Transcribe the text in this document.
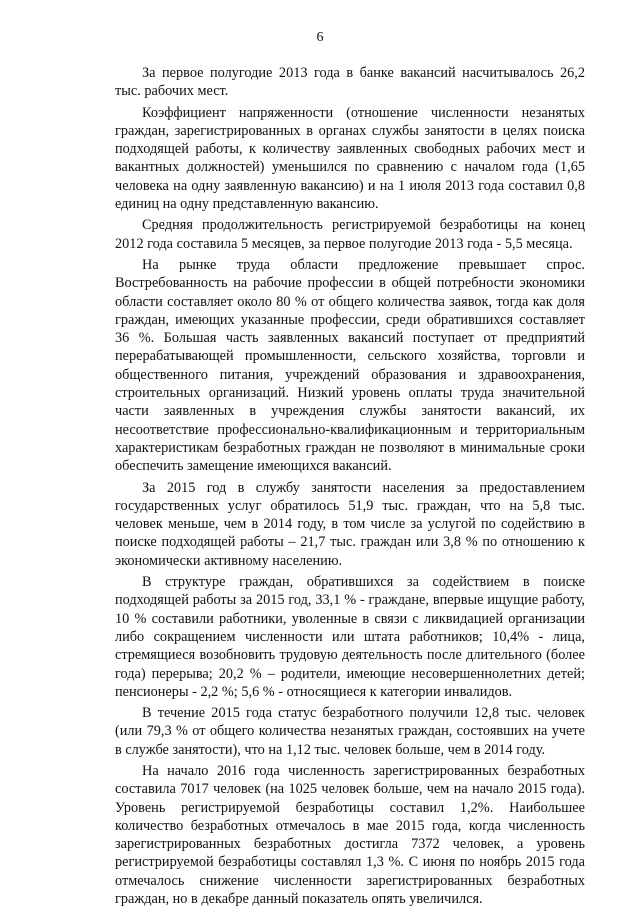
6

За первое полугодие 2013 года в банке вакансий насчитывалось 26,2 тыс. рабочих мест.

Коэффициент напряженности (отношение численности незанятых граждан, зарегистрированных в органах службы занятости в целях поиска подходящей работы, к количеству заявленных свободных рабочих мест и вакантных должностей) уменьшился по сравнению с началом года (1,65 человека на одну заявленную вакансию) и на 1 июля 2013 года составил 0,8 единиц на одну представленную вакансию.

Средняя продолжительность регистрируемой безработицы на конец 2012 года составила 5 месяцев, за первое полугодие 2013 года - 5,5 месяца.

На рынке труда области предложение превышает спрос. Востребованность на рабочие профессии в общей потребности экономики области составляет около 80 % от общего количества заявок, тогда как доля граждан, имеющих указанные профессии, среди обратившихся составляет 36 %. Большая часть заявленных вакансий поступает от предприятий перерабатывающей промышленности, сельского хозяйства, торговли и общественного питания, учреждений образования и здравоохранения, строительных организаций. Низкий уровень оплаты труда значительной части заявленных в учреждения службы занятости вакансий, их несоответствие профессионально-квалификационным и территориальным характеристикам безработных граждан не позволяют в минимальные сроки обеспечить замещение имеющихся вакансий.

За 2015 год в службу занятости населения за предоставлением государственных услуг обратилось 51,9 тыс. граждан, что на 5,8 тыс. человек меньше, чем в 2014 году, в том числе за услугой по содействию в поиске подходящей работы – 21,7 тыс. граждан или 3,8 % по отношению к экономически активному населению.

В структуре граждан, обратившихся за содействием в поиске подходящей работы за 2015 год, 33,1 % - граждане, впервые ищущие работу, 10 % составили работники, уволенные в связи с ликвидацией организации либо сокращением численности или штата работников; 10,4% - лица, стремящиеся возобновить трудовую деятельность после длительного (более года) перерыва; 20,2 % – родители, имеющие несовершеннолетних детей; пенсионеры - 2,2 %; 5,6 % - относящиеся к категории инвалидов.

В течение 2015 года статус безработного получили 12,8 тыс. человек (или 79,3 % от общего количества незанятых граждан, состоявших на учете в службе занятости), что на 1,12 тыс. человек больше, чем в 2014 году.

На начало 2016 года численность зарегистрированных безработных составила 7017 человек (на 1025 человек больше, чем на начало 2015 года). Уровень регистрируемой безработицы составил 1,2%. Наибольшее количество безработных отмечалось в мае 2015 года, когда численность зарегистрированных безработных достигла 7372 человек, а уровень регистрируемой безработицы составлял 1,3 %. С июня по ноябрь 2015 года отмечалось снижение численности зарегистрированных безработных граждан, но в декабре данный показатель опять увеличился.
